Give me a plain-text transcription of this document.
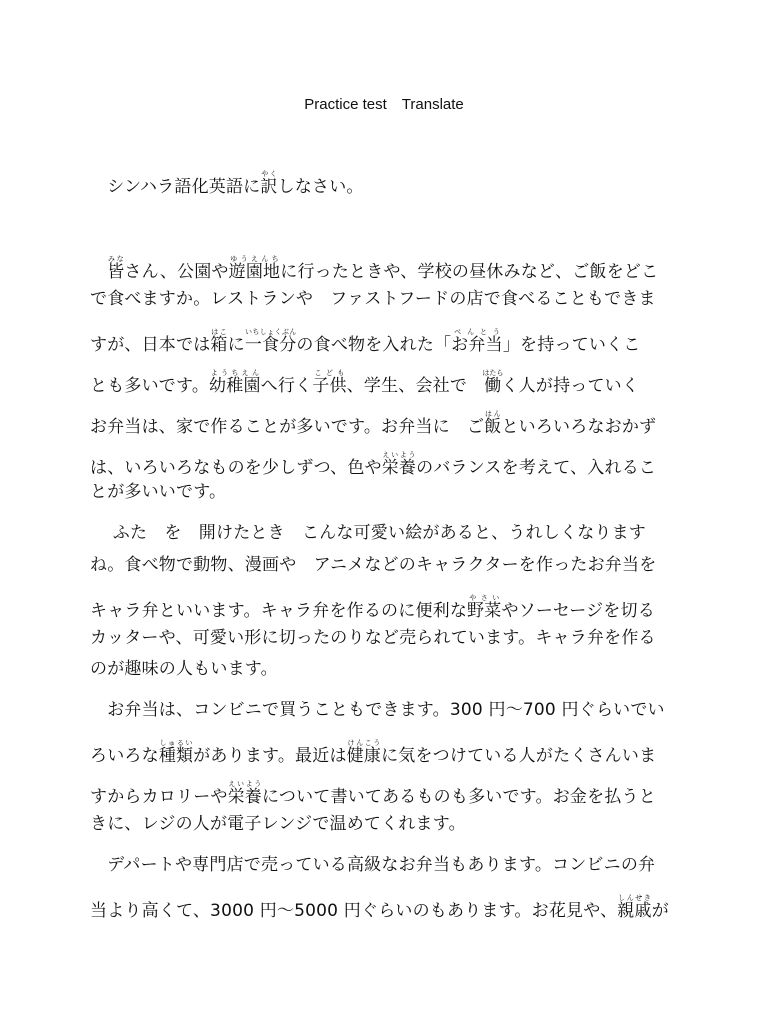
Practice test　Translate
　シンハラ語化英語に訳やくしなさい。
　皆みなさん、公園や遊園地ゆうえんちに行ったときや、学校の昼休みなど、ご飯をどこ
で食べますか。レストランや　ファストフードの店で食べることもできま
すが、日本では箱はこに一食分いちしょくぶんの食べ物を入れた「お弁当べんとう」を持っていくこ
とも多いです。幼稚園ようちえんへ行く子供こども、学生、会社で　働はたらく人が持っていく
お弁当は、家で作ることが多いです。お弁当に　ご飯はんといろいろなおかず
は、いろいろなものを少しずつ、色や栄養えいようのバランスを考えて、入れるこ
とが多いいです。
　 ふた　を　開けたとき　こんな可愛い絵があると、うれしくなります
ね。食べ物で動物、漫画や　アニメなどのキャラクターを作ったお弁当を
キャラ弁といいます。キャラ弁を作るのに便利な野菜やさいやソーセージを切る
カッターや、可愛い形に切ったのりなど売られています。キャラ弁を作る
のが趣味の人もいます。
　お弁当は、コンビニで買うこともできます。300 円〜700 円ぐらいでい
ろいろな種類しゅるいがあります。最近は健康けんこうに気をつけている人がたくさんいま
すからカロリーや栄養えいようについて書いてあるものも多いです。お金を払うと
きに、レジの人が電子レンジで温めてくれます。
　デパートや専門店で売っている高級なお弁当もあります。コンビニの弁
当より高くて、3000 円〜5000 円ぐらいのもあります。お花見や、親戚しんせきが
